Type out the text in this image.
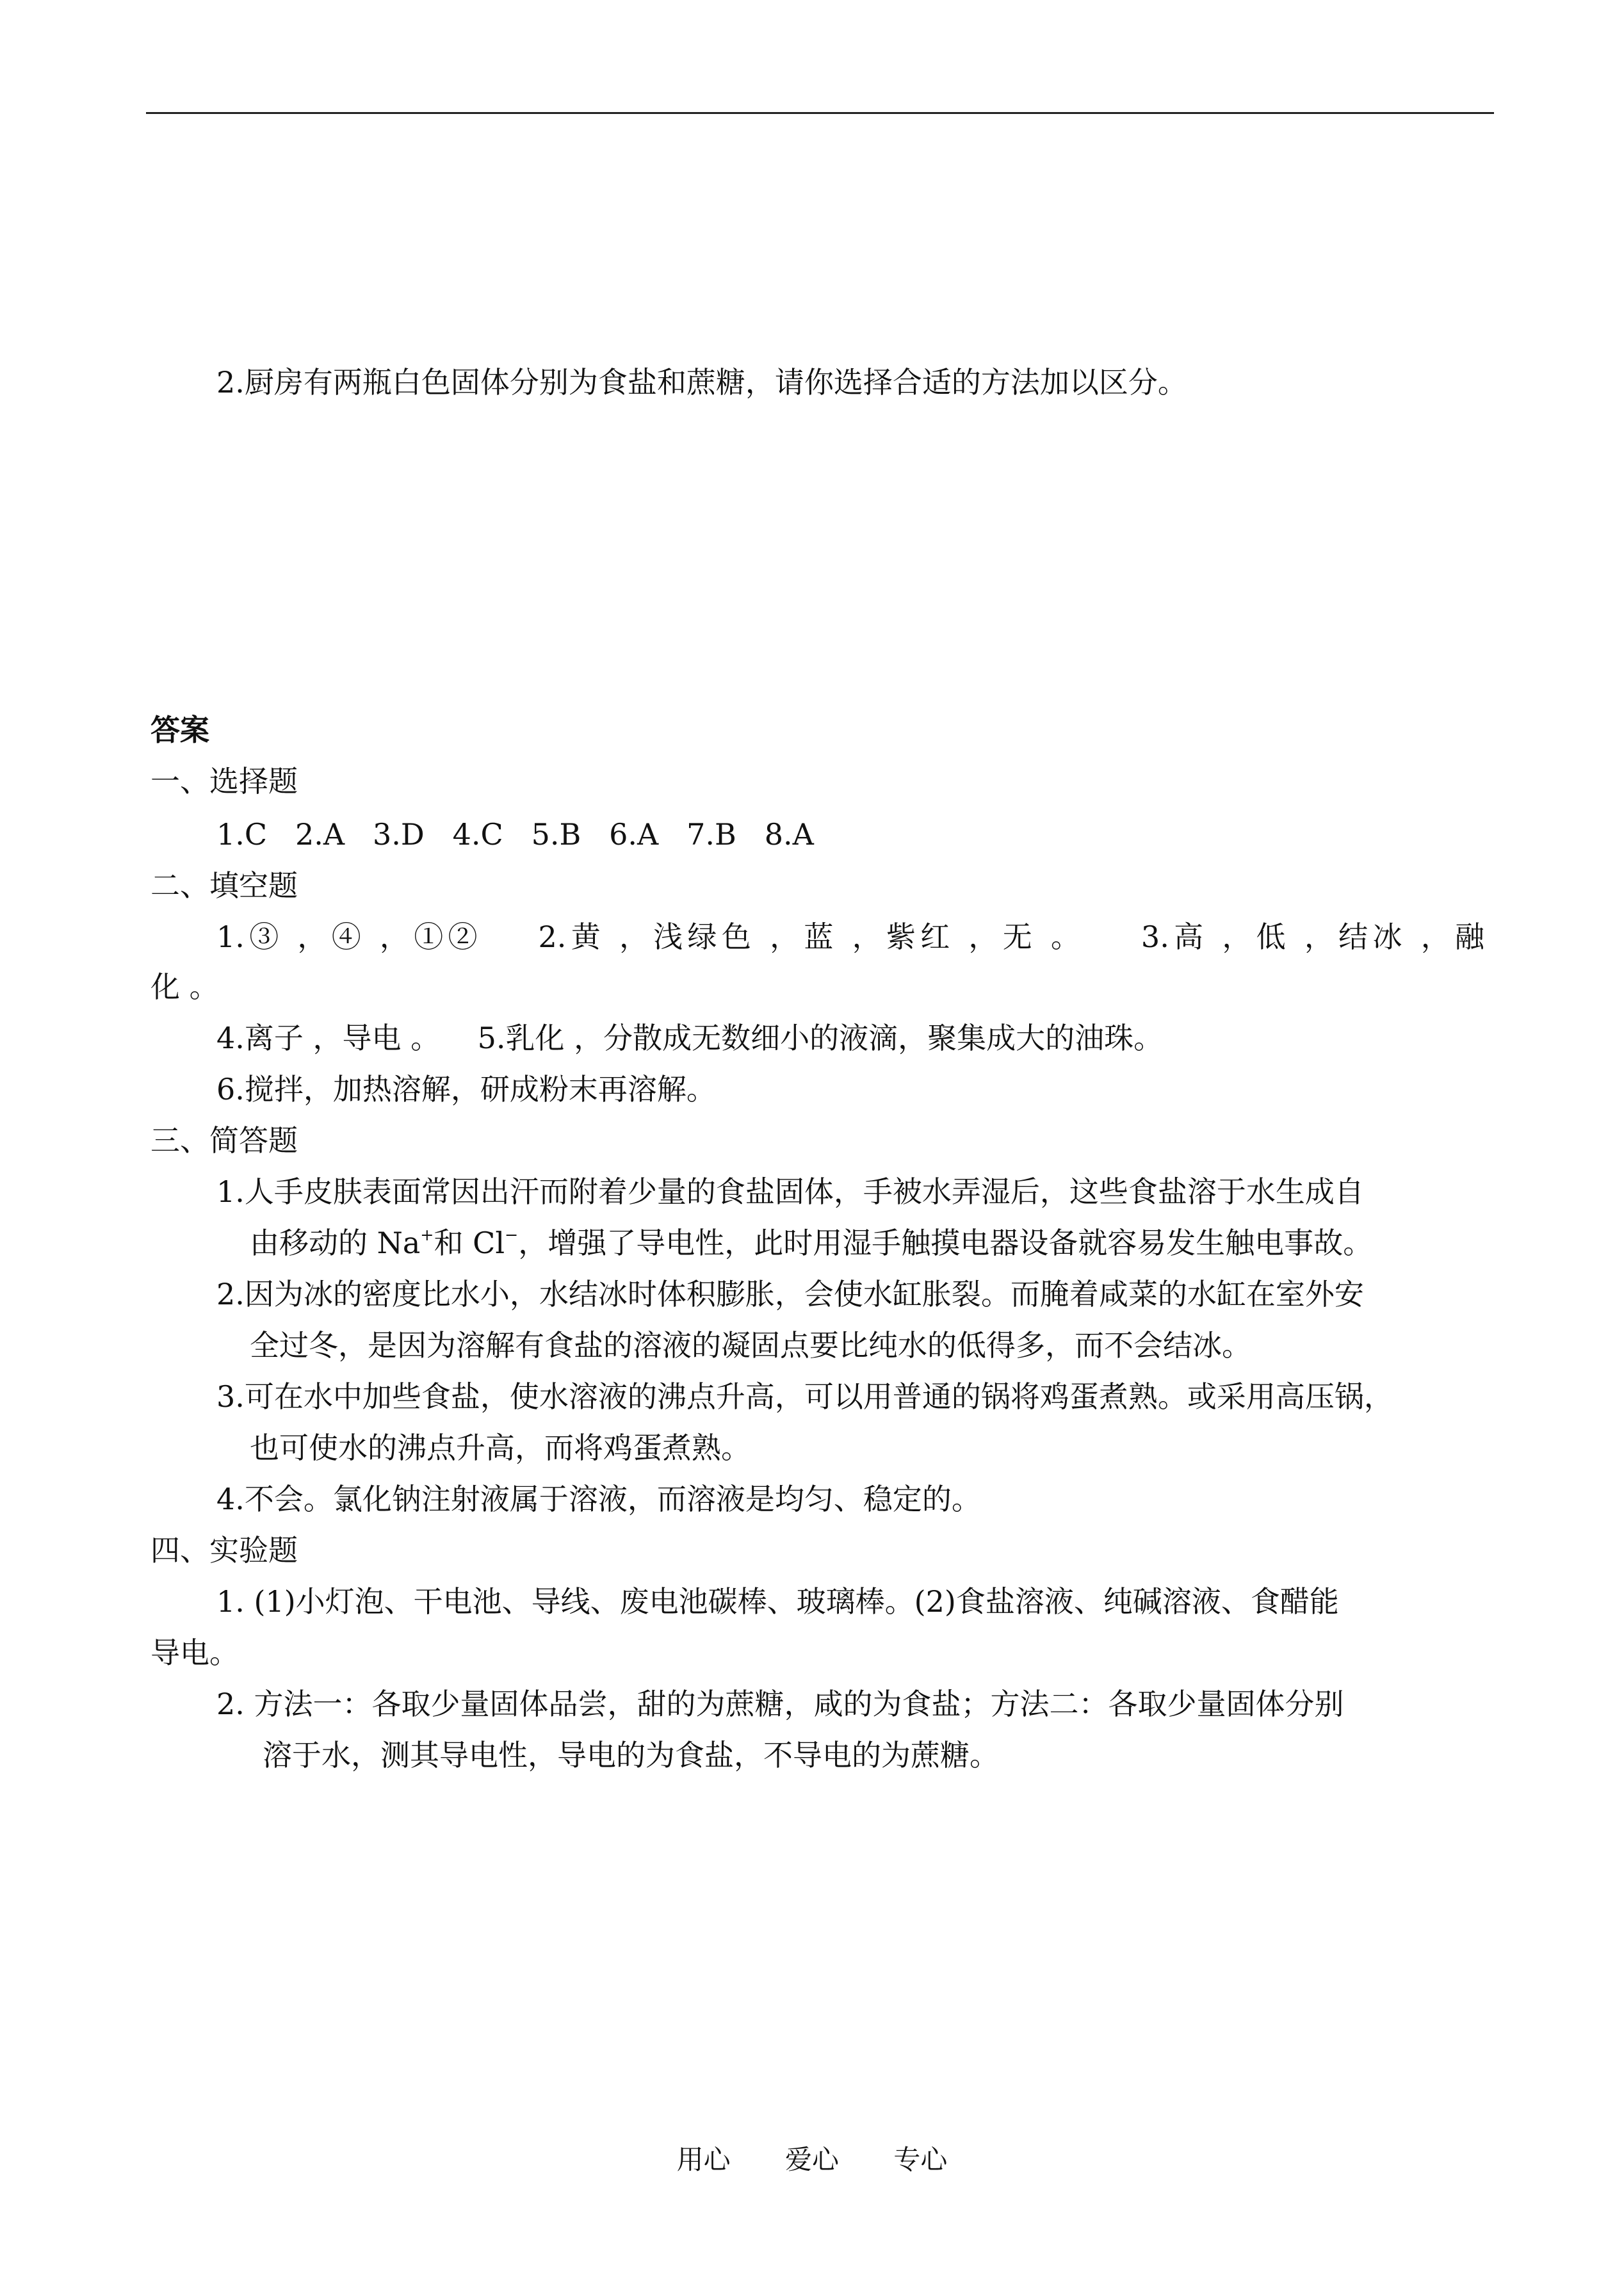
2.厨房有两瓶白色固体分别为食盐和蔗糖，请你选择合适的方法加以区分。
答案
一、选择题
1.C 2.A 3.D 4.C 5.B 6.A 7.B 8.A
二、填空题
1.③ ，④ ，①②    2.黄 ，浅绿色 ，蓝 ，紫红 ，无 。    3.高 ，低 ，结冰 ，融
化 。
4.离子 ，导电 。    5.乳化 ，分散成无数细小的液滴，聚集成大的油珠。
6.搅拌，加热溶解，研成粉末再溶解。
三、简答题
1.人手皮肤表面常因出汗而附着少量的食盐固体，手被水弄湿后，这些食盐溶于水生成自
由移动的 Na+和 Cl−，增强了导电性，此时用湿手触摸电器设备就容易发生触电事故。
2.因为冰的密度比水小，水结冰时体积膨胀，会使水缸胀裂。而腌着咸菜的水缸在室外安
全过冬，是因为溶解有食盐的溶液的凝固点要比纯水的低得多，而不会结冰。
3.可在水中加些食盐，使水溶液的沸点升高，可以用普通的锅将鸡蛋煮熟。或采用高压锅，
也可使水的沸点升高，而将鸡蛋煮熟。
4.不会。氯化钠注射液属于溶液，而溶液是均匀、稳定的。
四、实验题
1. (1)小灯泡、干电池、导线、废电池碳棒、玻璃棒。(2)食盐溶液、纯碱溶液、食醋能
导电。
2. 方法一：各取少量固体品尝，甜的为蔗糖，咸的为食盐；方法二：各取少量固体分别
溶于水，测其导电性，导电的为食盐，不导电的为蔗糖。
用心 爱心 专心
